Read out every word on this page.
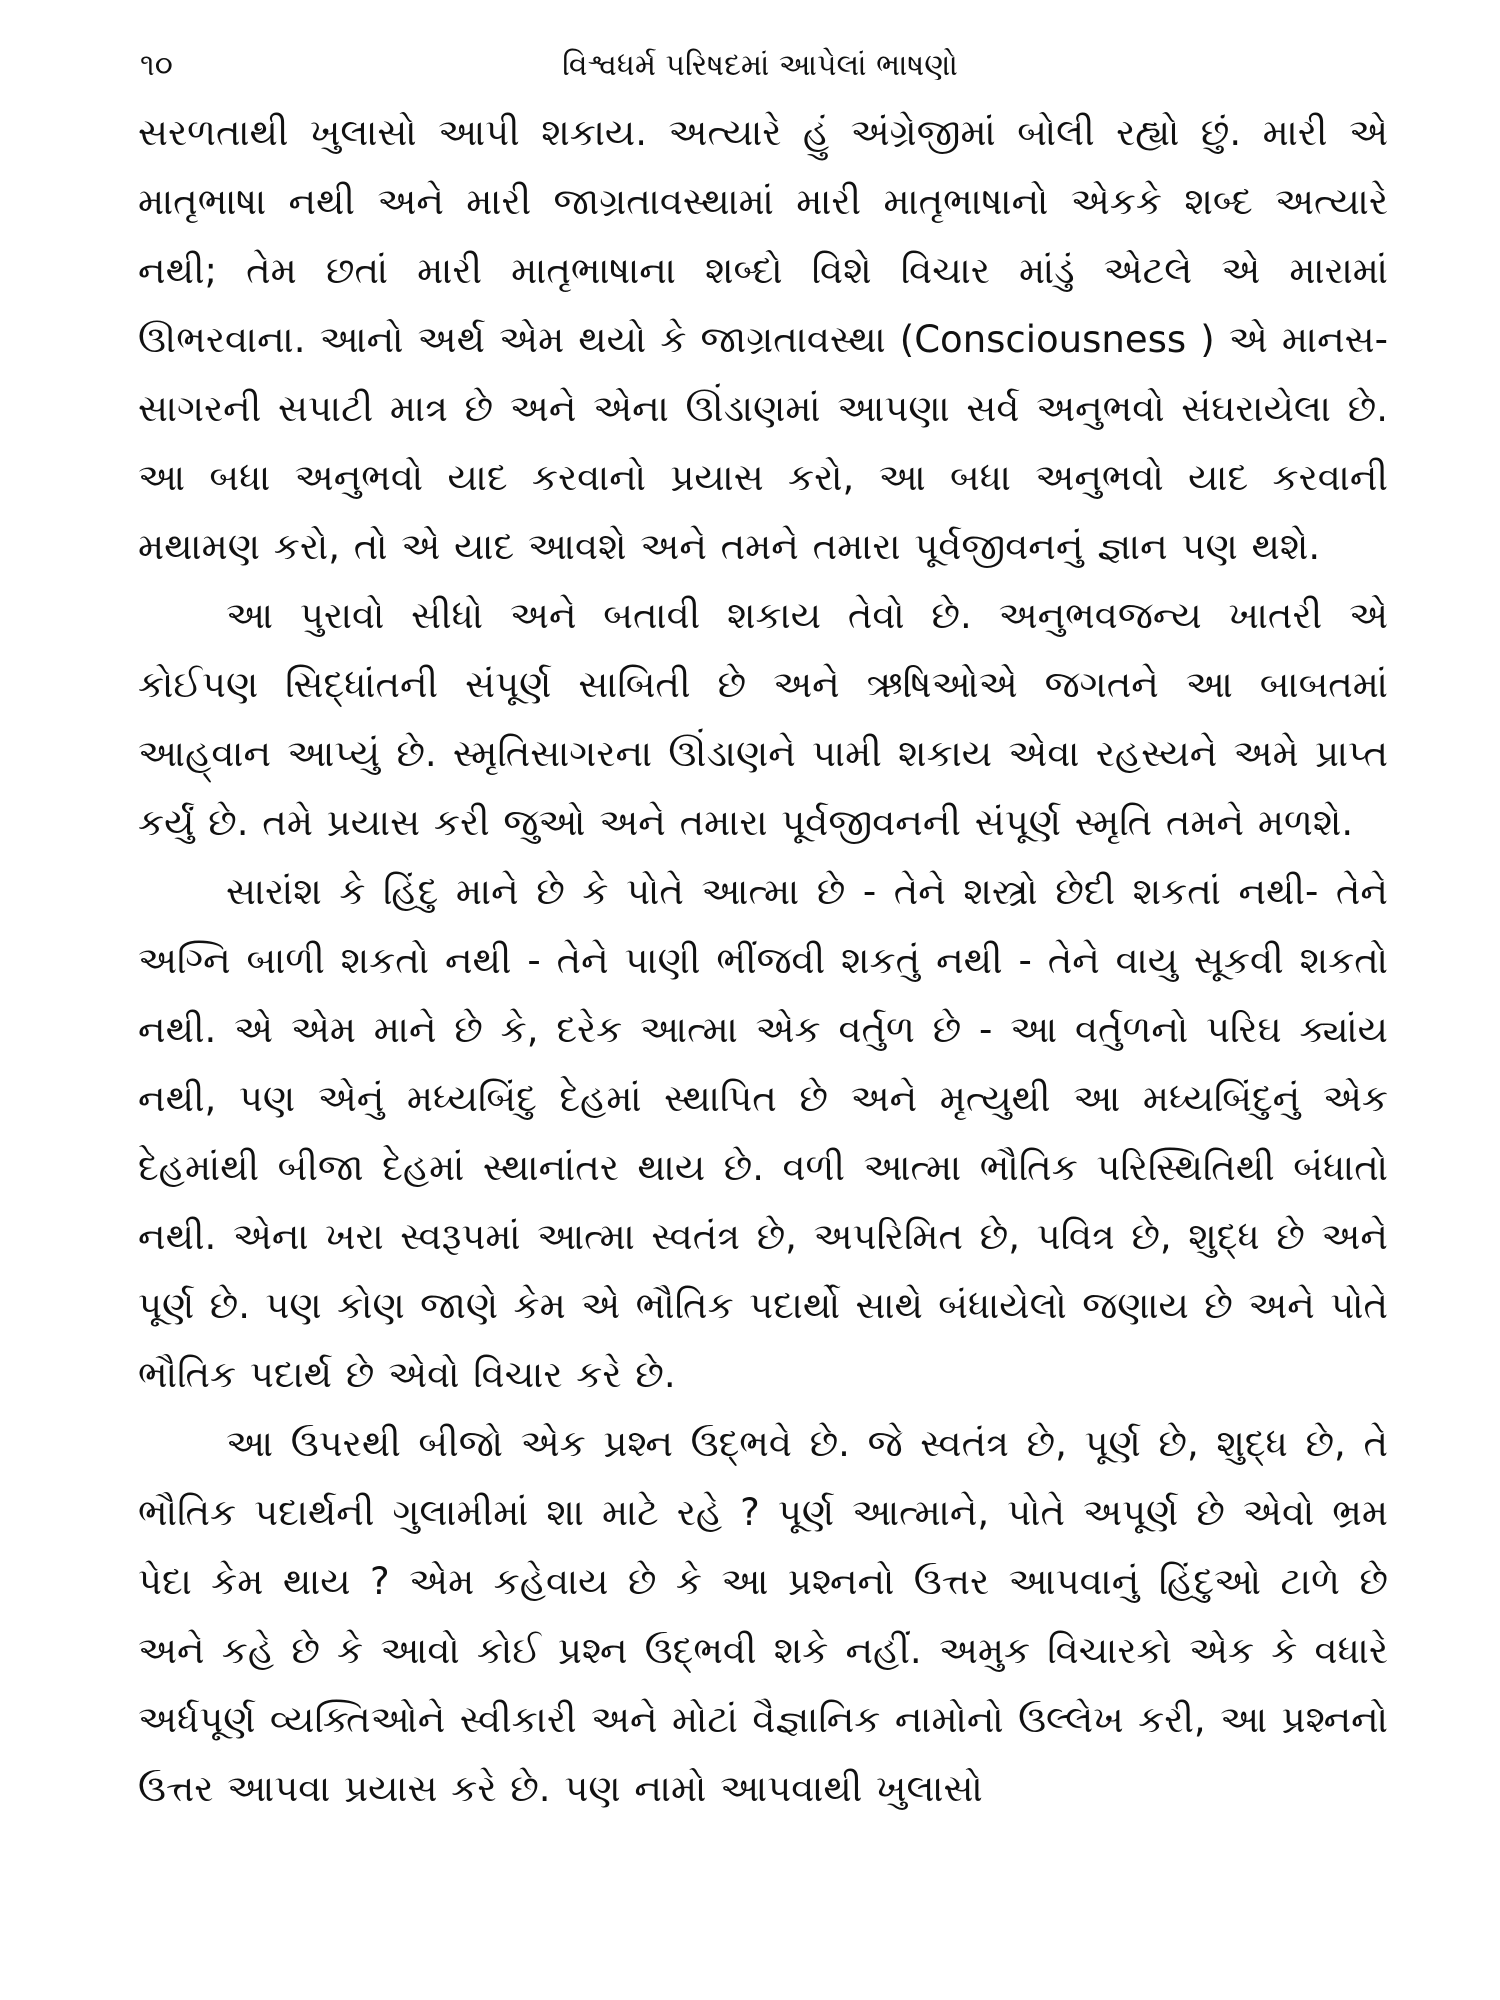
૧૦	વિશ્વધર્મ પરિષદમાં આપેલાં ભાષણો

સરળતાથી ખુલાસો આપી શકાય. અત્યારે હું અંગ્રેજીમાં બોલી રહ્યો છું. મારી એ માતૃભાષા નથી અને મારી જાગ્રતાવસ્થામાં મારી માતૃભાષાનો એકકે શબ્દ અત્યારે નથી; તેમ છતાં મારી માતૃભાષાના શબ્દો વિશે વિચાર માંડું એટલે એ મારામાં ઊભરવાના. આનો અર્થ એમ થયો કે જાગ્રતાવસ્થા (Consciousness ) એ માનસ-સાગરની સપાટી માત્ર છે અને એના ઊંડાણમાં આપણા સર્વ અનુભવો સંઘરાયેલા છે. આ બધા અનુભવો યાદ કરવાનો પ્રયાસ કરો, આ બધા અનુભવો યાદ કરવાની મથામણ કરો, તો એ યાદ આવશે અને તમને તમારા પૂર્વજીવનનું જ્ઞાન પણ થશે.

આ પુરાવો સીધો અને બતાવી શકાય તેવો છે. અનુભવજન્ય ખાતરી એ કોઈપણ સિદ્ધાંતની સંપૂર્ણ સાબિતી છે અને ઋષિઓએ જગતને આ બાબતમાં આહ્‌વાન આપ્યું છે. સ્મૃતિસાગરના ઊંડાણને પામી શકાય એવા રહસ્યને અમે પ્રાપ્ત કર્યું છે. તમે પ્રયાસ કરી જુઓ અને તમારા પૂર્વજીવનની સંપૂર્ણ સ્મૃતિ તમને મળશે.

સારાંશ કે હિંદુ માને છે કે પોતે આત્મા છે - તેને શસ્ત્રો છેદી શકતાં નથી- તેને અગ્નિ બાળી શકતો નથી - તેને પાણી ભીંજવી શકતું નથી - તેને વાયુ સૂકવી શકતો નથી. એ એમ માને છે કે, દરેક આત્મા એક વર્તુળ છે - આ વર્તુળનો પરિઘ ક્યાંય નથી, પણ એનું મધ્યબિંદુ દેહમાં સ્થાપિત છે અને મૃત્યુથી આ મધ્યબિંદુનું એક દેહમાંથી બીજા દેહમાં સ્થાનાંતર થાય છે. વળી આત્મા ભૌતિક પરિસ્થિતિથી બંધાતો નથી. એના ખરા સ્વરૂપમાં આત્મા સ્વતંત્ર છે, અપરિમિત છે, પવિત્ર છે, શુદ્ધ છે અને પૂર્ણ છે. પણ કોણ જાણે કેમ એ ભૌતિક પદાર્થો સાથે બંધાયેલો જણાય છે અને પોતે ભૌતિક પદાર્થ છે એવો વિચાર કરે છે.

આ ઉપરથી બીજો એક પ્રશ્ન ઉદ્‌ભવે છે. જે સ્વતંત્ર છે, પૂર્ણ છે, શુદ્ધ છે, તે ભૌતિક પદાર્થની ગુલામીમાં શા માટે રહે ? પૂર્ણ આત્માને, પોતે અપૂર્ણ છે એવો ભ્રમ પેદા કેમ થાય ? એમ કહેવાય છે કે આ પ્રશ્નનો ઉત્તર આપવાનું હિંદુઓ ટાળે છે અને કહે છે કે આવો કોઈ પ્રશ્ન ઉદ્‌ભવી શકે નહીં. અમુક વિચારકો એક કે વધારે અર્ધપૂર્ણ વ્યક્તિઓને સ્વીકારી અને મોટાં વૈજ્ઞાનિક નામોનો ઉલ્લેખ કરી, આ પ્રશ્નનો ઉત્તર આપવા પ્રયાસ કરે છે. પણ નામો આપવાથી ખુલાસો
